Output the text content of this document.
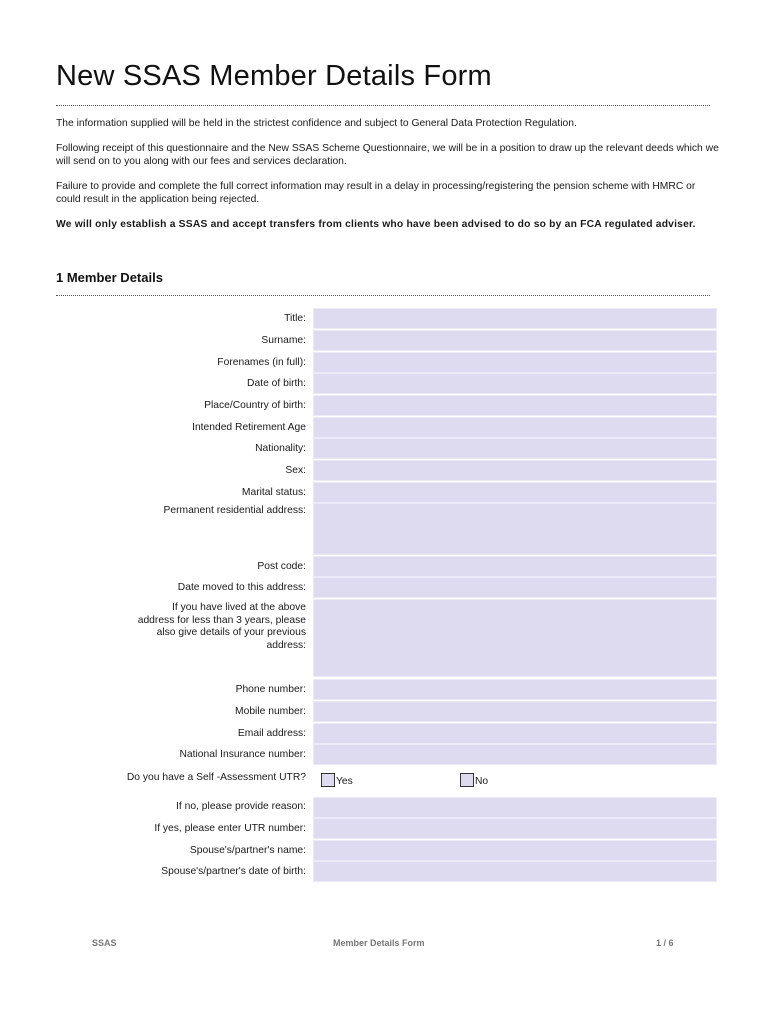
New SSAS Member Details Form

The information supplied will be held in the strictest confidence and subject to General Data Protection Regulation.

Following receipt of this questionnaire and the New SSAS Scheme Questionnaire, we will be in a position to draw up the relevant deeds which we will send on to you along with our fees and services declaration.

Failure to provide and complete the full correct information may result in a delay in processing/registering the pension scheme with HMRC or could result in the application being rejected.

We will only establish a SSAS and accept transfers from clients who have been advised to do so by an FCA regulated adviser.

1 Member Details
Title:
Surname:
Forenames (in full):
Date of birth:
Place/Country of birth:
Intended Retirement Age
Nationality:
Sex:
Marital status:
Permanent residential address:
Post code:
Date moved to this address:
If you have lived at the above address for less than 3 years, please also give details of your previous address:
Phone number:
Mobile number:
Email address:
National Insurance number:
Do you have a Self -Assessment UTR?	Yes	No
If no, please provide reason:
If yes, please enter UTR number:
Spouse's/partner's name:
Spouse's/partner's date of birth:
SSAS	Member Details Form	1 / 6
